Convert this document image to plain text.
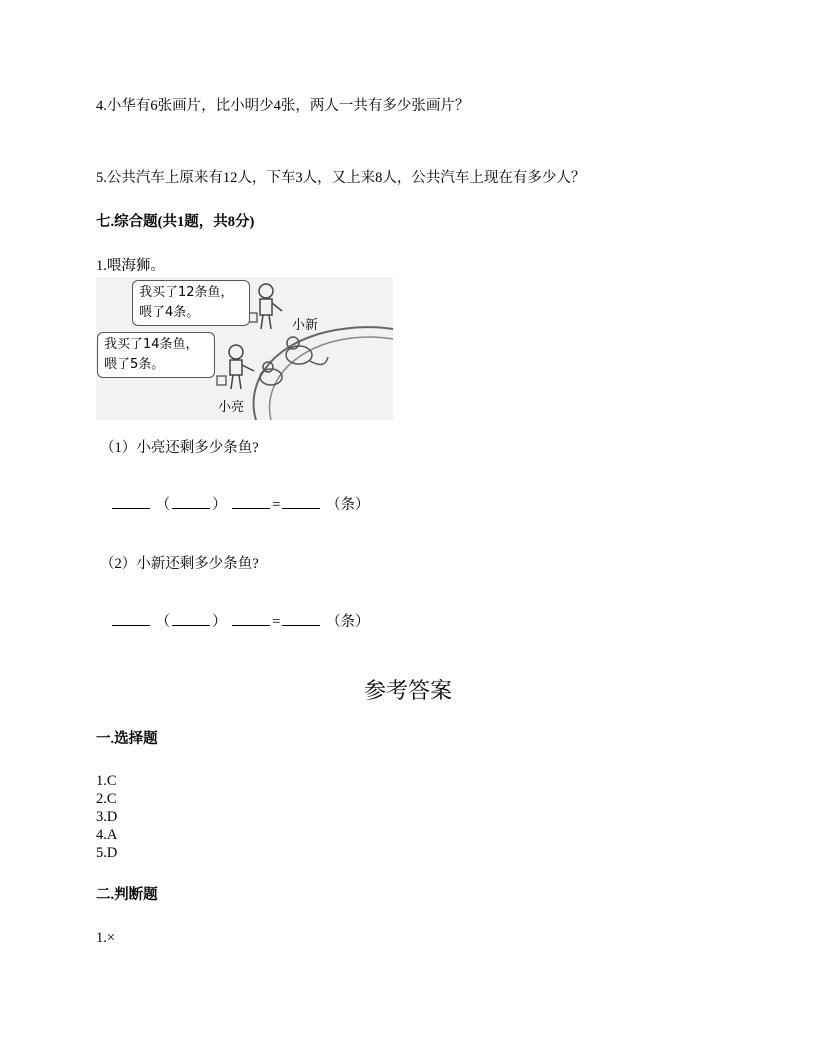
4.小华有6张画片，比小明少4张，两人一共有多少张画片？
5.公共汽车上原来有12人，下车3人，又上来8人，公共汽车上现在有多少人？
七.综合题(共1题，共8分)
1.喂海狮。
我买了12条鱼，
喂了4条。
我买了14条鱼，
喂了5条。
小新
小亮
（1）小亮还剩多少条鱼?
（	）	=	（条）
（2）小新还剩多少条鱼?
（	）	=	（条）
参考答案
一.选择题
1.C
2.C
3.D
4.A
5.D
二.判断题
1.×
